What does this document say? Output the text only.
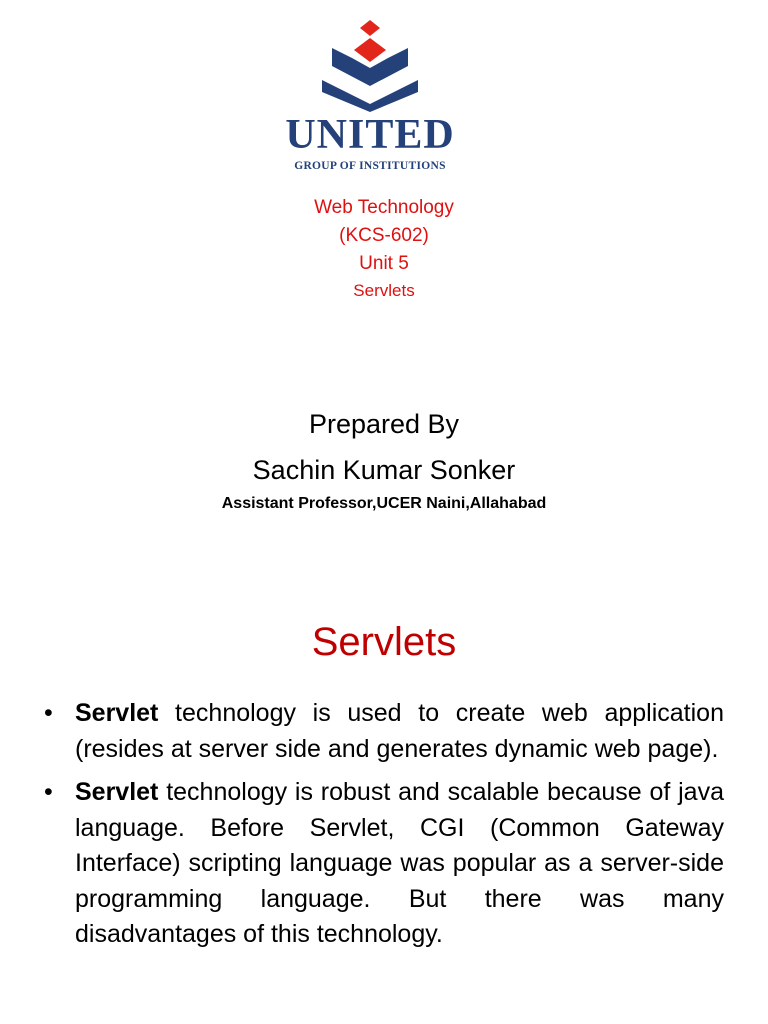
UNITED
GROUP OF INSTITUTIONS
Web Technology
(KCS-602)
Unit 5
Servlets
Prepared By
Sachin Kumar Sonker
Assistant Professor,UCER Naini,Allahabad
Servlets
• Servlet technology is used to create web application (resides at server side and generates dynamic web page).
• Servlet technology is robust and scalable because of java language. Before Servlet, CGI (Common Gateway Interface) scripting language was popular as a server-side programming language. But there was many disadvantages of this technology.
